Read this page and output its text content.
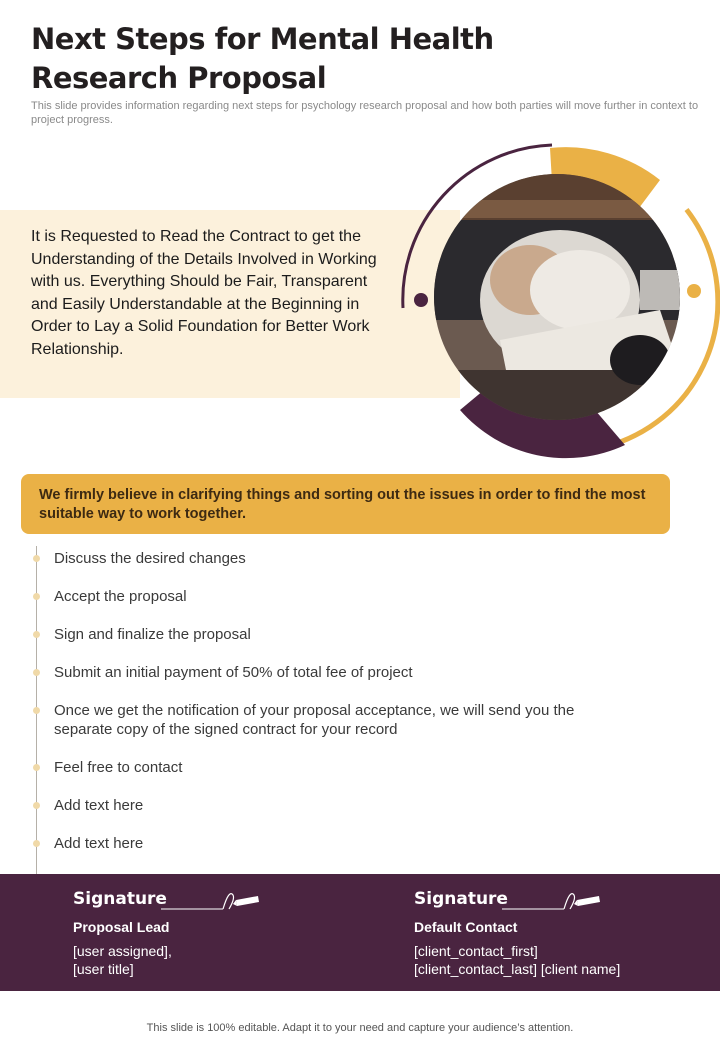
Next Steps for Mental Health Research Proposal

This slide provides information regarding next steps for psychology research proposal and how both parties will move further in context to project progress.

It is Requested to Read the Contract to get the Understanding of the Details Involved in Working with us. Everything Should be Fair, Transparent and Easily Understandable at the Beginning in Order to Lay a Solid Foundation for Better Work Relationship.

We firmly believe in clarifying things and sorting out the issues in order to find the most suitable way to work together.
Discuss the desired changes
Accept the proposal
Sign and finalize the proposal
Submit an initial payment of 50% of total fee of project
Once we get the notification of your proposal acceptance, we will send you the separate copy of the signed contract for your record
Feel free to contact
Add text here
Add text here
Signature
Proposal Lead
[user assigned],
[user title]
Signature
Default Contact
[client_contact_first]
[client_contact_last] [client name]

This slide is 100% editable. Adapt it to your need and capture your audience’s attention.
